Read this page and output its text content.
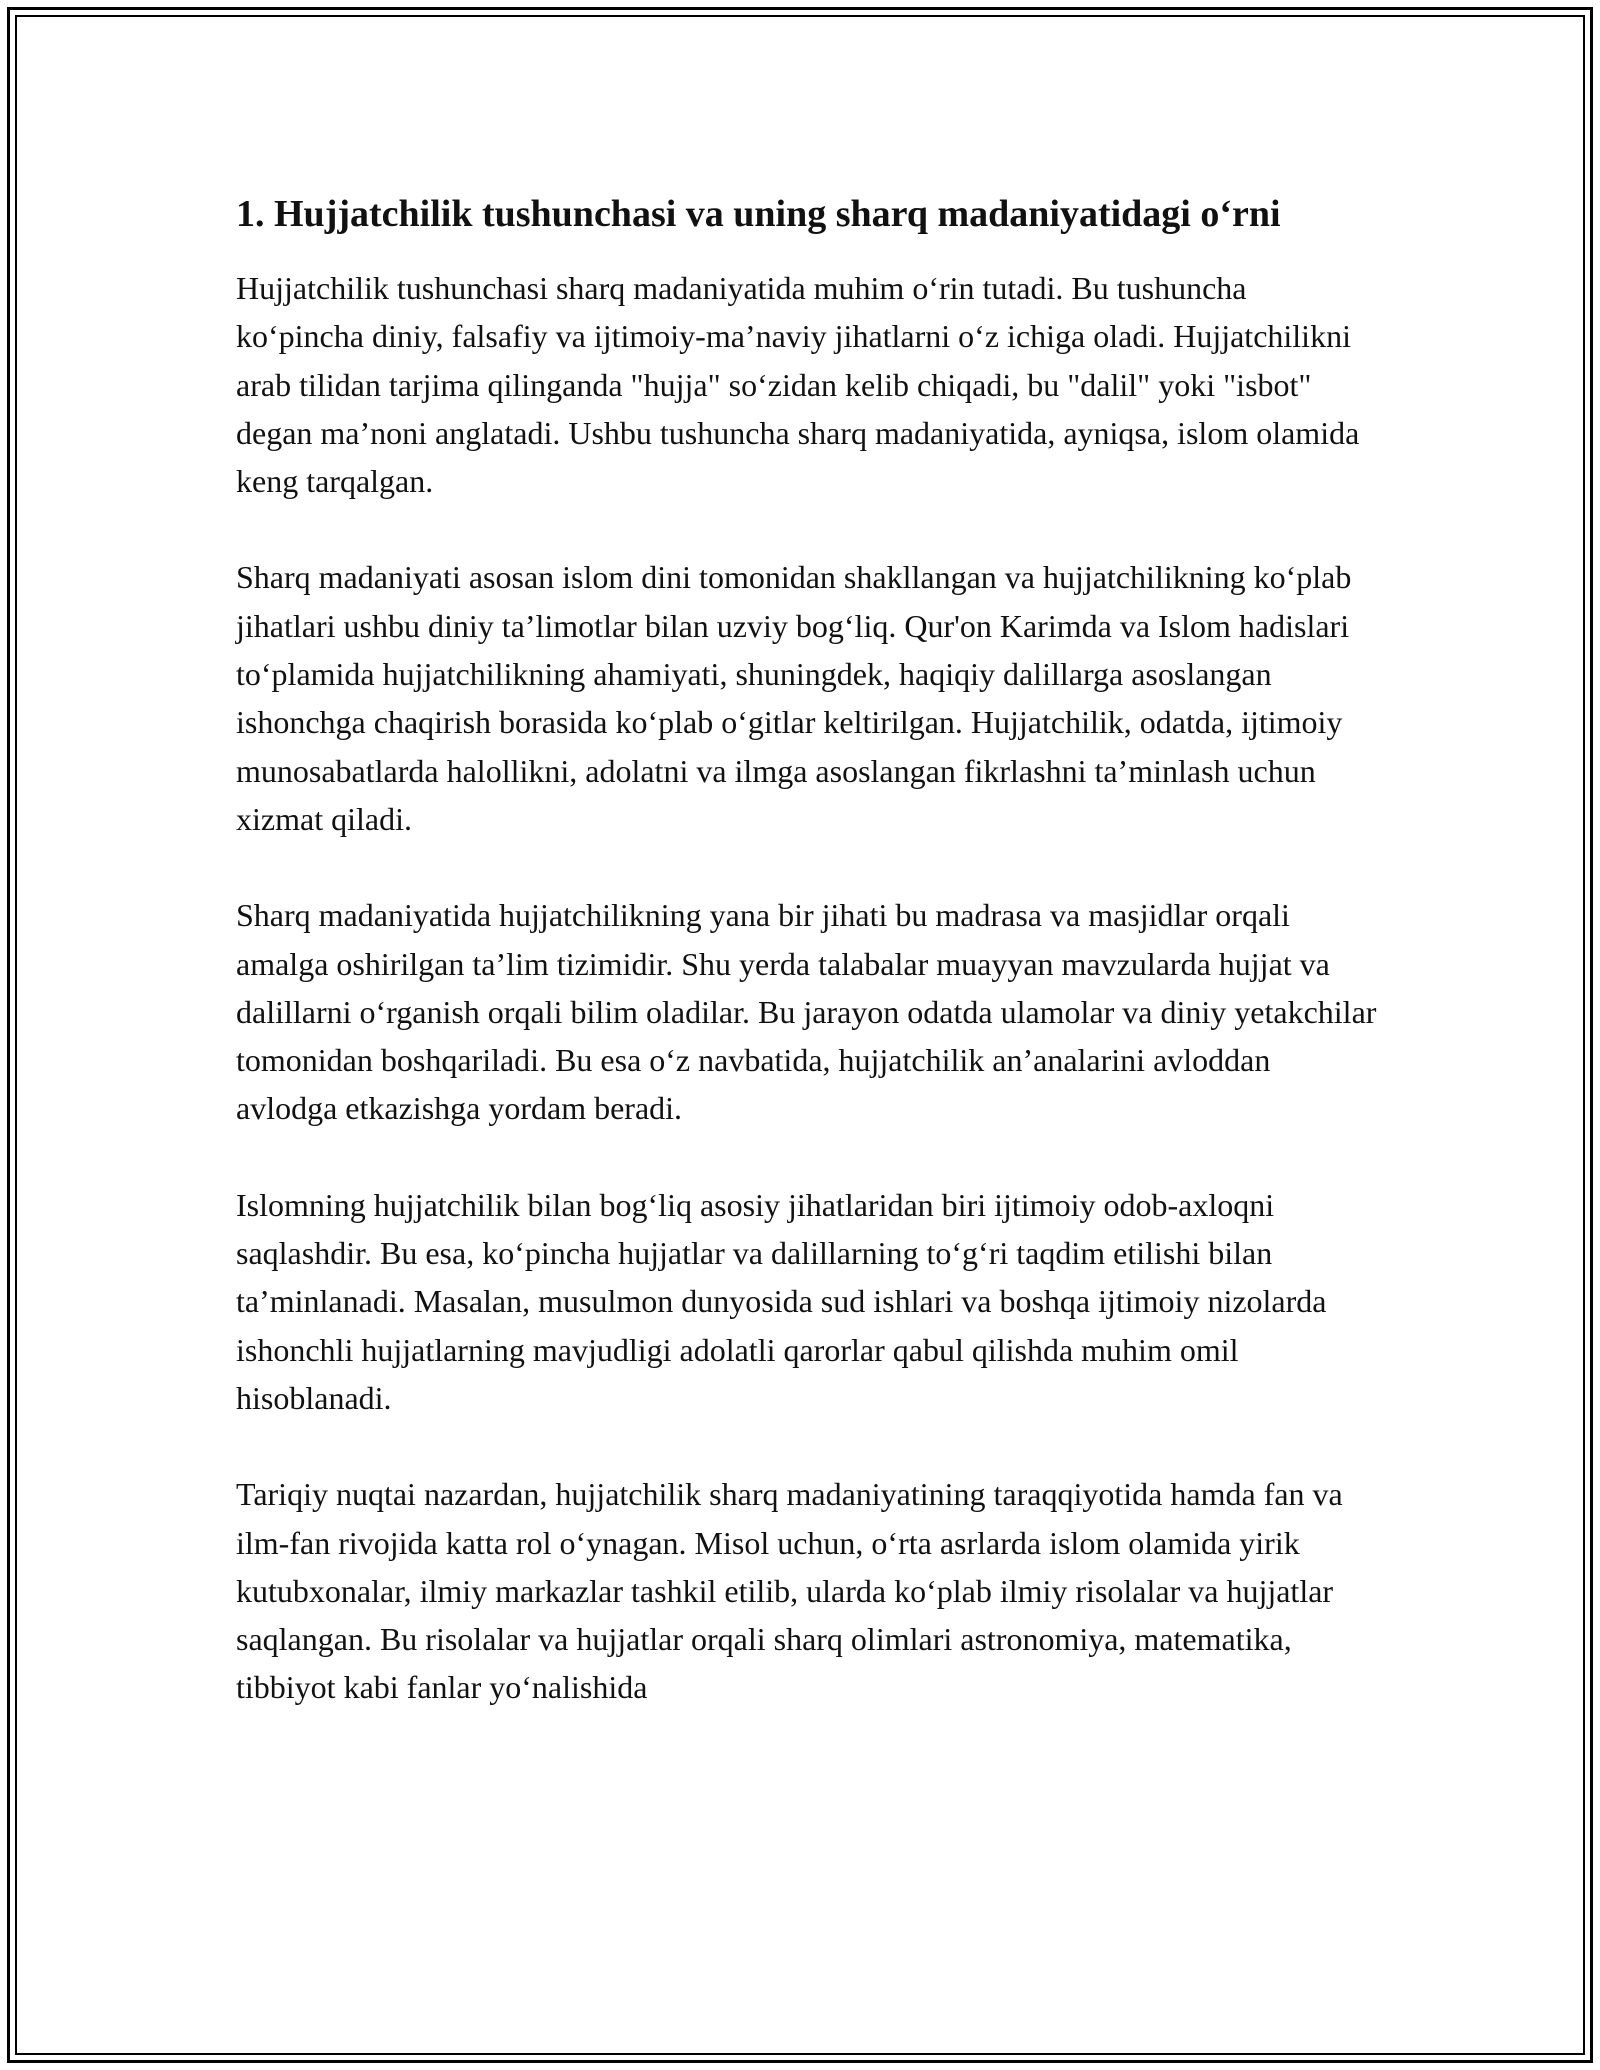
1. Hujjatchilik tushunchasi va uning sharq madaniyatidagi o‘rni

Hujjatchilik tushunchasi sharq madaniyatida muhim o‘rin tutadi. Bu tushuncha ko‘pincha diniy, falsafiy va ijtimoiy-ma’naviy jihatlarni o‘z ichiga oladi. Hujjatchilikni arab tilidan tarjima qilinganda "hujja" so‘zidan kelib chiqadi, bu "dalil" yoki "isbot" degan ma’noni anglatadi. Ushbu tushuncha sharq madaniyatida, ayniqsa, islom olamida keng tarqalgan.

Sharq madaniyati asosan islom dini tomonidan shakllangan va hujjatchilikning ko‘plab jihatlari ushbu diniy ta’limotlar bilan uzviy bog‘liq. Qur'on Karimda va Islom hadislari to‘plamida hujjatchilikning ahamiyati, shuningdek, haqiqiy dalillarga asoslangan ishonchga chaqirish borasida ko‘plab o‘gitlar keltirilgan. Hujjatchilik, odatda, ijtimoiy munosabatlarda halollikni, adolatni va ilmga asoslangan fikrlashni ta’minlash uchun xizmat qiladi.

Sharq madaniyatida hujjatchilikning yana bir jihati bu madrasa va masjidlar orqali amalga oshirilgan ta’lim tizimidir. Shu yerda talabalar muayyan mavzularda hujjat va dalillarni o‘rganish orqali bilim oladilar. Bu jarayon odatda ulamolar va diniy yetakchilar tomonidan boshqariladi. Bu esa o‘z navbatida, hujjatchilik an’analarini avloddan avlodga etkazishga yordam beradi.

Islomning hujjatchilik bilan bog‘liq asosiy jihatlaridan biri ijtimoiy odob-axloqni saqlashdir. Bu esa, ko‘pincha hujjatlar va dalillarning to‘g‘ri taqdim etilishi bilan ta’minlanadi. Masalan, musulmon dunyosida sud ishlari va boshqa ijtimoiy nizolarda ishonchli hujjatlarning mavjudligi adolatli qarorlar qabul qilishda muhim omil hisoblanadi.

Tariqiy nuqtai nazardan, hujjatchilik sharq madaniyatining taraqqiyotida hamda fan va ilm-fan rivojida katta rol o‘ynagan. Misol uchun, o‘rta asrlarda islom olamida yirik kutubxonalar, ilmiy markazlar tashkil etilib, ularda ko‘plab ilmiy risolalar va hujjatlar saqlangan. Bu risolalar va hujjatlar orqali sharq olimlari astronomiya, matematika, tibbiyot kabi fanlar yo‘nalishida
